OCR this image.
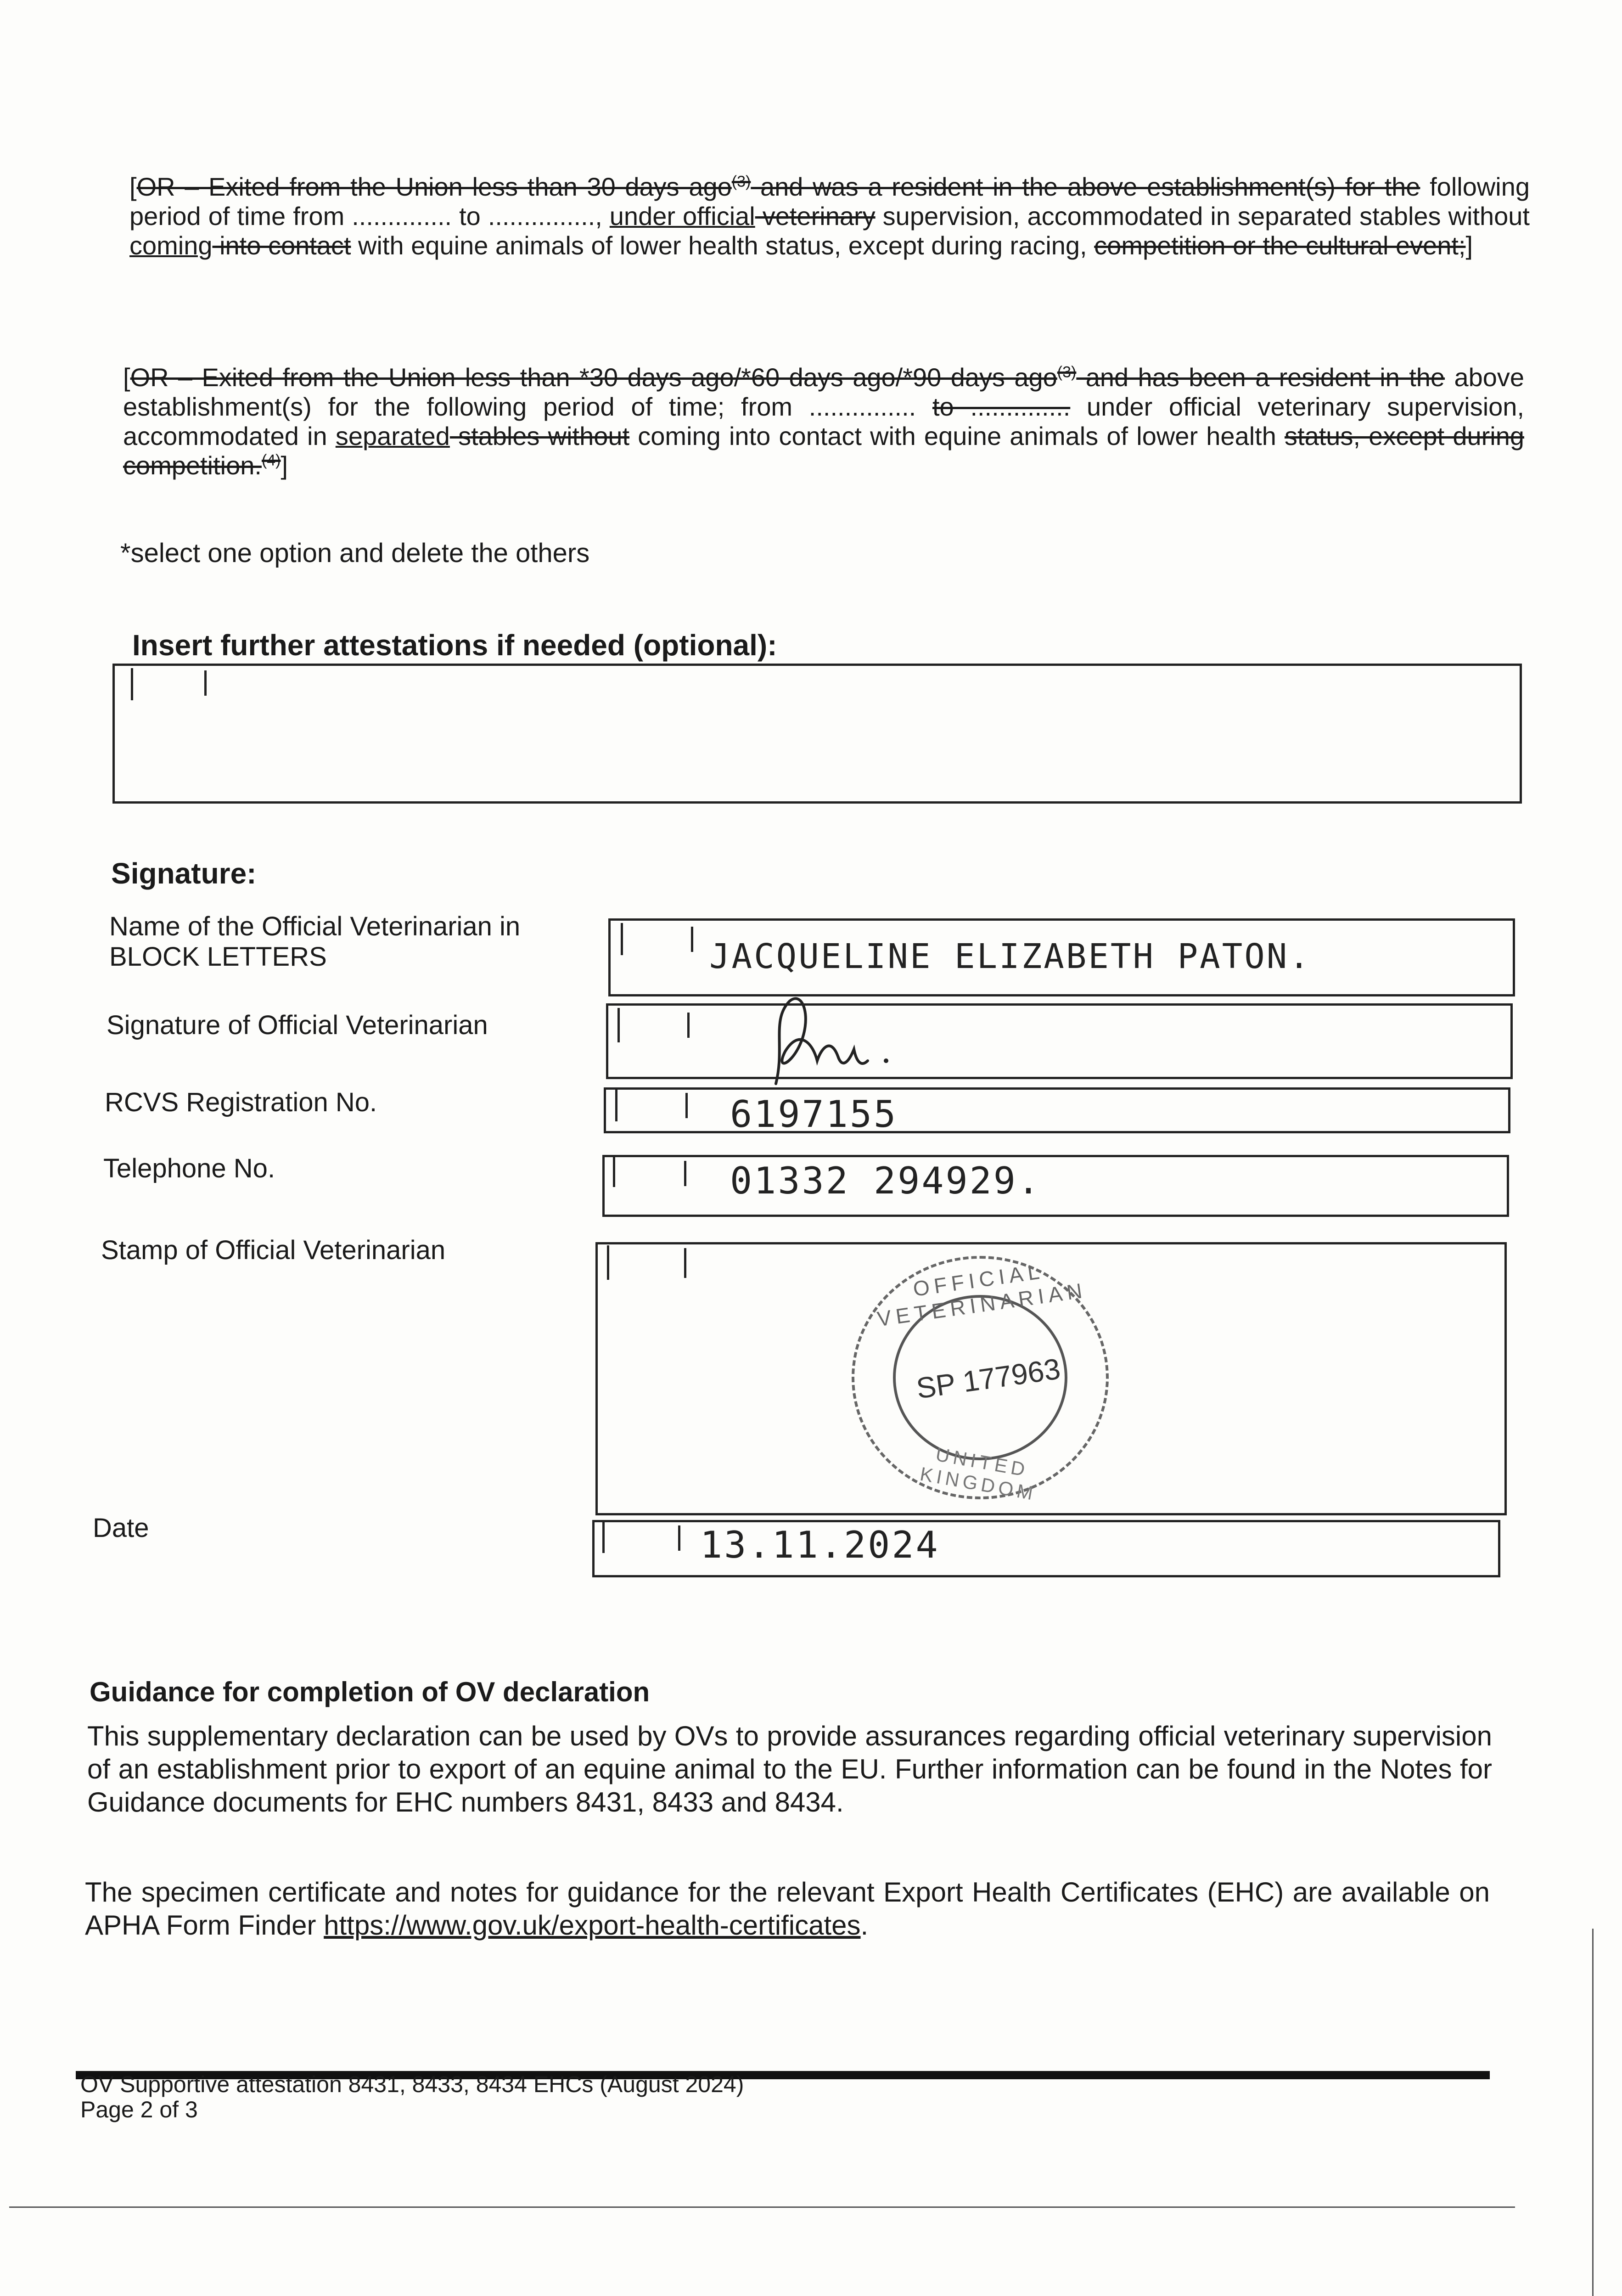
[OR – Exited from the Union less than 30 days ago$^{(3)}$ and was a resident in the above establishment(s) for the following period of time from .............. to ..............., under official veterinary supervision, accommodated in separated stables without coming into contact with equine animals of lower health status, except during racing, competition or the cultural event;]
[OR – Exited from the Union less than *30 days ago/*60 days ago/*90 days ago$^{(3)}$ and has been a resident in the above establishment(s) for the following period of time; from ............... to .............. under official veterinary supervision, accommodated in separated stables without coming into contact with equine animals of lower health status, except during competition.$^{(4)}$]
*select one option and delete the others
Insert further attestations if needed (optional):
Signature:
Name of the Official Veterinarian in BLOCK LETTERS	JACQUELINE ELIZABETH PATON.
Signature of Official Veterinarian
RCVS Registration No.	6197155
Telephone No.	01332 294929.
Stamp of Official Veterinarian
OFFICIAL VETERINARIAN
SP 177963
UNITED KINGDOM
Date	13.11.2024
Guidance for completion of OV declaration
This supplementary declaration can be used by OVs to provide assurances regarding official veterinary supervision of an establishment prior to export of an equine animal to the EU. Further information can be found in the Notes for Guidance documents for EHC numbers 8431, 8433 and 8434.
The specimen certificate and notes for guidance for the relevant Export Health Certificates (EHC) are available on APHA Form Finder https://www.gov.uk/export-health-certificates.
OV Supportive attestation 8431, 8433, 8434 EHCs (August 2024)
Page 2 of 3
